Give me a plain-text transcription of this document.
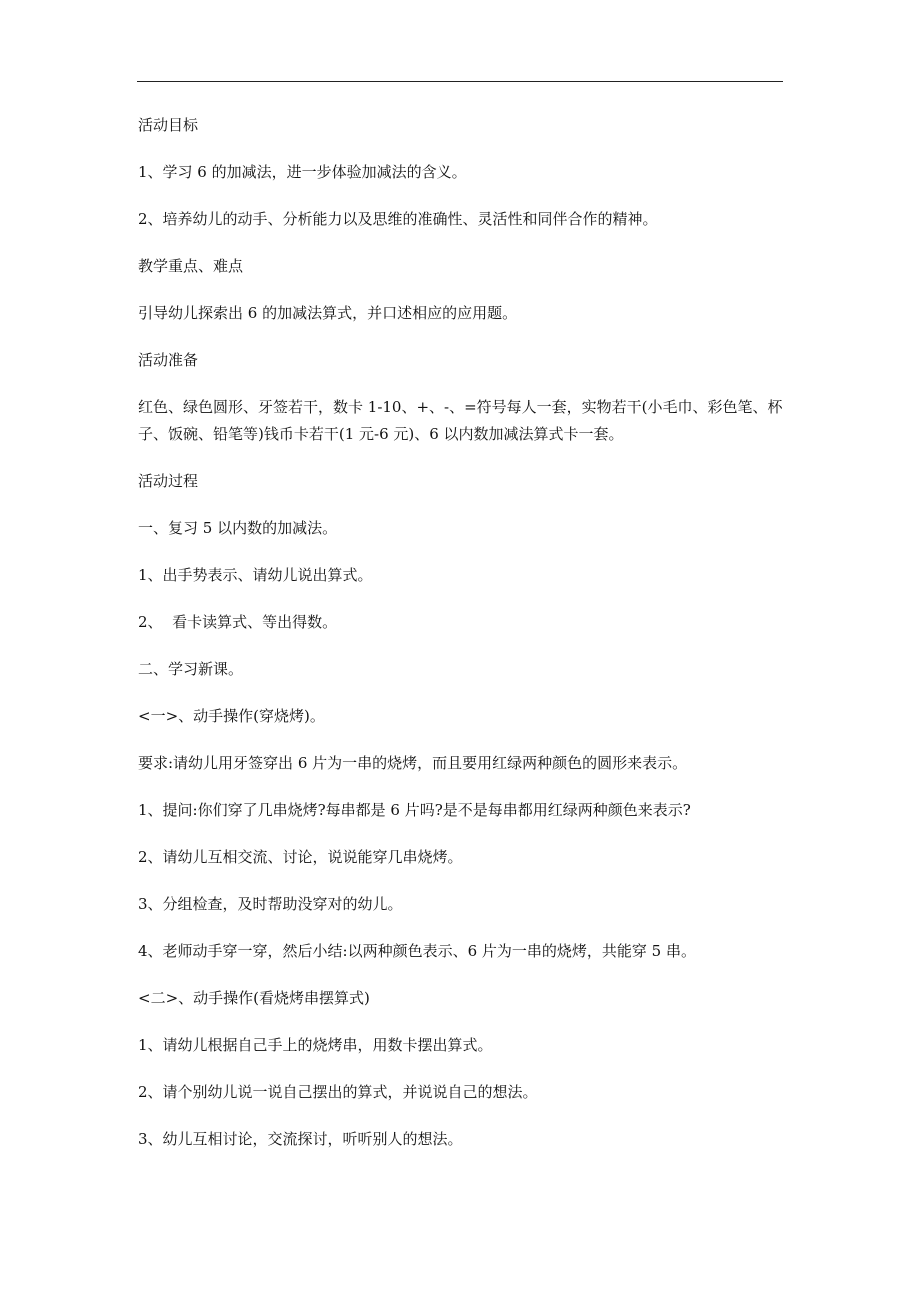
活动目标

1、学习 6 的加减法，进一步体验加减法的含义。

2、培养幼儿的动手、分析能力以及思维的准确性、灵活性和同伴合作的精神。

教学重点、难点

引导幼儿探索出 6 的加减法算式，并口述相应的应用题。

活动准备

红色、绿色圆形、牙签若干，数卡 1-10、+、-、=符号每人一套，实物若干(小毛巾、彩色笔、杯子、饭碗、铅笔等)钱币卡若干(1 元-6 元)、6 以内数加减法算式卡一套。

活动过程

一、复习 5 以内数的加减法。

1、出手势表示、请幼儿说出算式。

2、  看卡读算式、等出得数。

二、学习新课。

<一>、动手操作(穿烧烤)。

要求:请幼儿用牙签穿出 6 片为一串的烧烤，而且要用红绿两种颜色的圆形来表示。

1、提问:你们穿了几串烧烤?每串都是 6 片吗?是不是每串都用红绿两种颜色来表示?

2、请幼儿互相交流、讨论，说说能穿几串烧烤。

3、分组检查，及时帮助没穿对的幼儿。

4、老师动手穿一穿，然后小结:以两种颜色表示、6 片为一串的烧烤，共能穿 5 串。

<二>、动手操作(看烧烤串摆算式)

1、请幼儿根据自己手上的烧烤串，用数卡摆出算式。

2、请个别幼儿说一说自己摆出的算式，并说说自己的想法。

3、幼儿互相讨论，交流探讨，听听别人的想法。
